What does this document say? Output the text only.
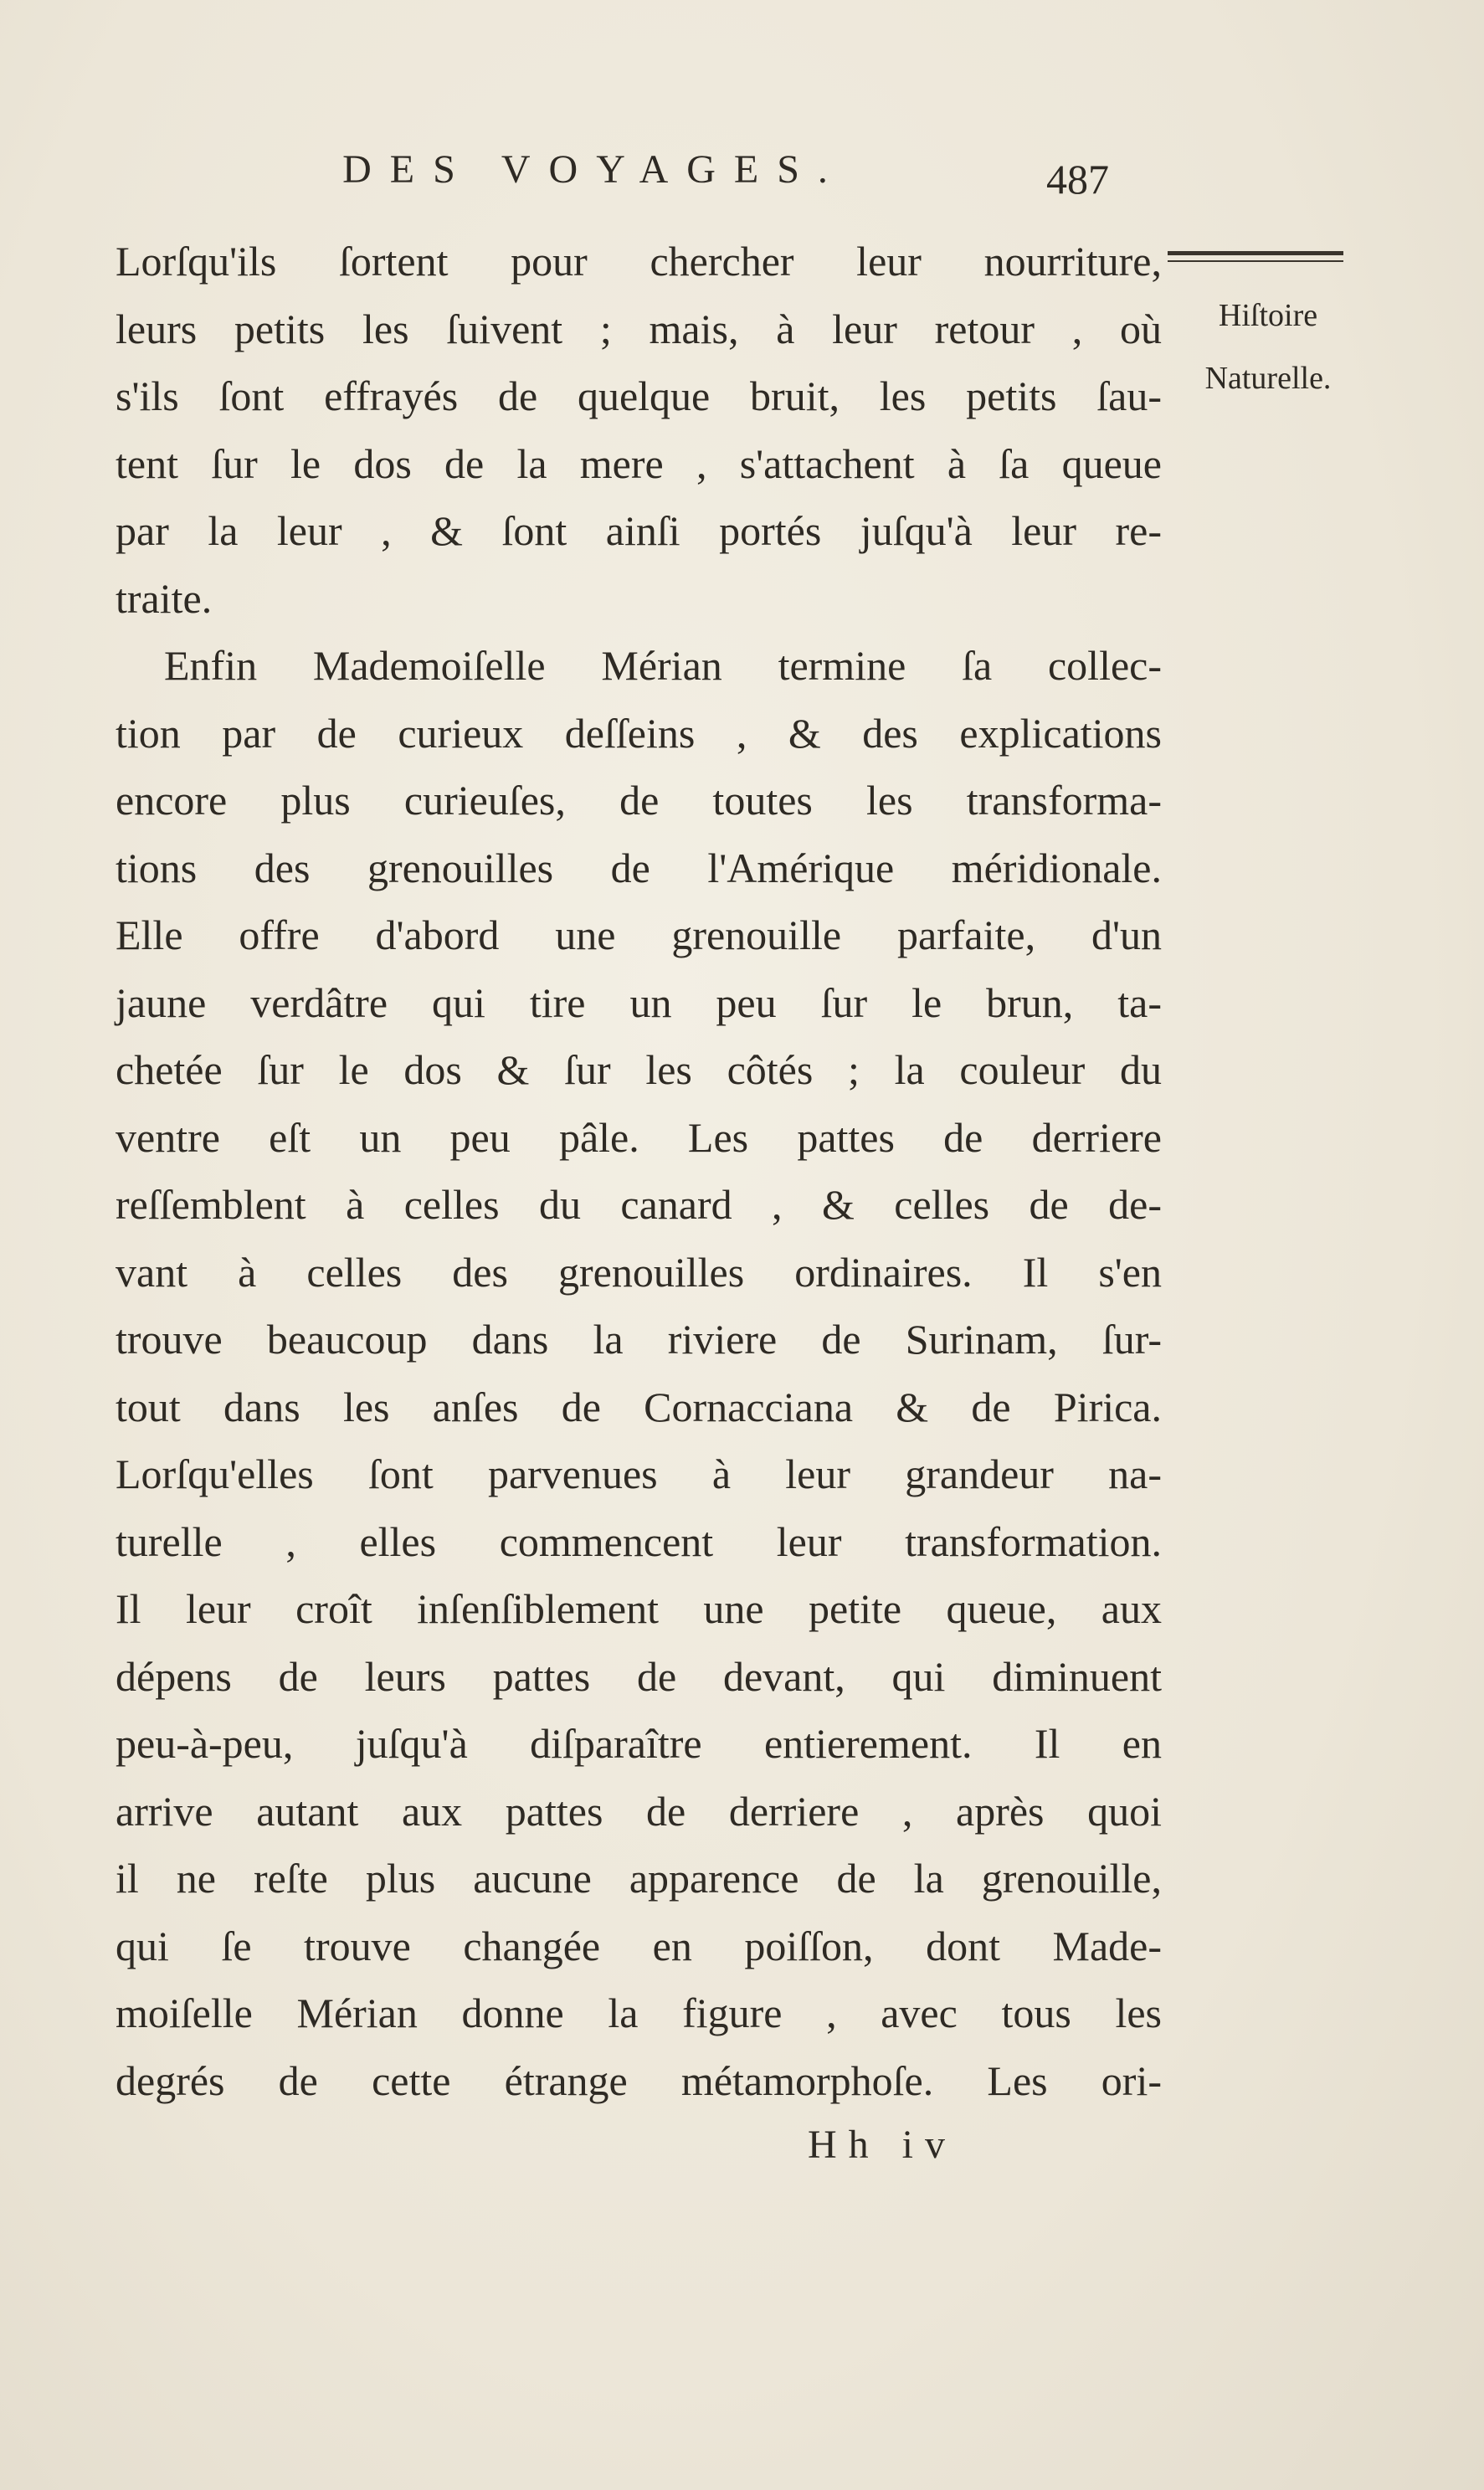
DES VOYAGES.	487
Hiſtoire
Naturelle.
Lorſqu'ils ſortent pour chercher leur nourriture,
leurs petits les ſuivent ; mais, à leur retour , où
s'ils ſont effrayés de quelque bruit, les petits ſau-
tent ſur le dos de la mere , s'attachent à ſa queue
par la leur , & ſont ainſi portés juſqu'à leur re-
traite.
Enfin Mademoiſelle Mérian termine ſa collec-
tion par de curieux deſſeins , & des explications
encore plus curieuſes, de toutes les transforma-
tions des grenouilles de l'Amérique méridionale.
Elle offre d'abord une grenouille parfaite, d'un
jaune verdâtre qui tire un peu ſur le brun, ta-
chetée ſur le dos & ſur les côtés ; la couleur du
ventre eſt un peu pâle. Les pattes de derriere
reſſemblent à celles du canard , & celles de de-
vant à celles des grenouilles ordinaires. Il s'en
trouve beaucoup dans la riviere de Surinam, ſur-
tout dans les anſes de Cornacciana & de Pirica.
Lorſqu'elles ſont parvenues à leur grandeur na-
turelle , elles commencent leur transformation.
Il leur croît inſenſiblement une petite queue, aux
dépens de leurs pattes de devant, qui diminuent
peu-à-peu, juſqu'à diſparaître entierement. Il en
arrive autant aux pattes de derriere , après quoi
il ne reſte plus aucune apparence de la grenouille,
qui ſe trouve changée en poiſſon, dont Made-
moiſelle Mérian donne la figure , avec tous les
degrés de cette étrange métamorphoſe. Les ori-
Hh iv
